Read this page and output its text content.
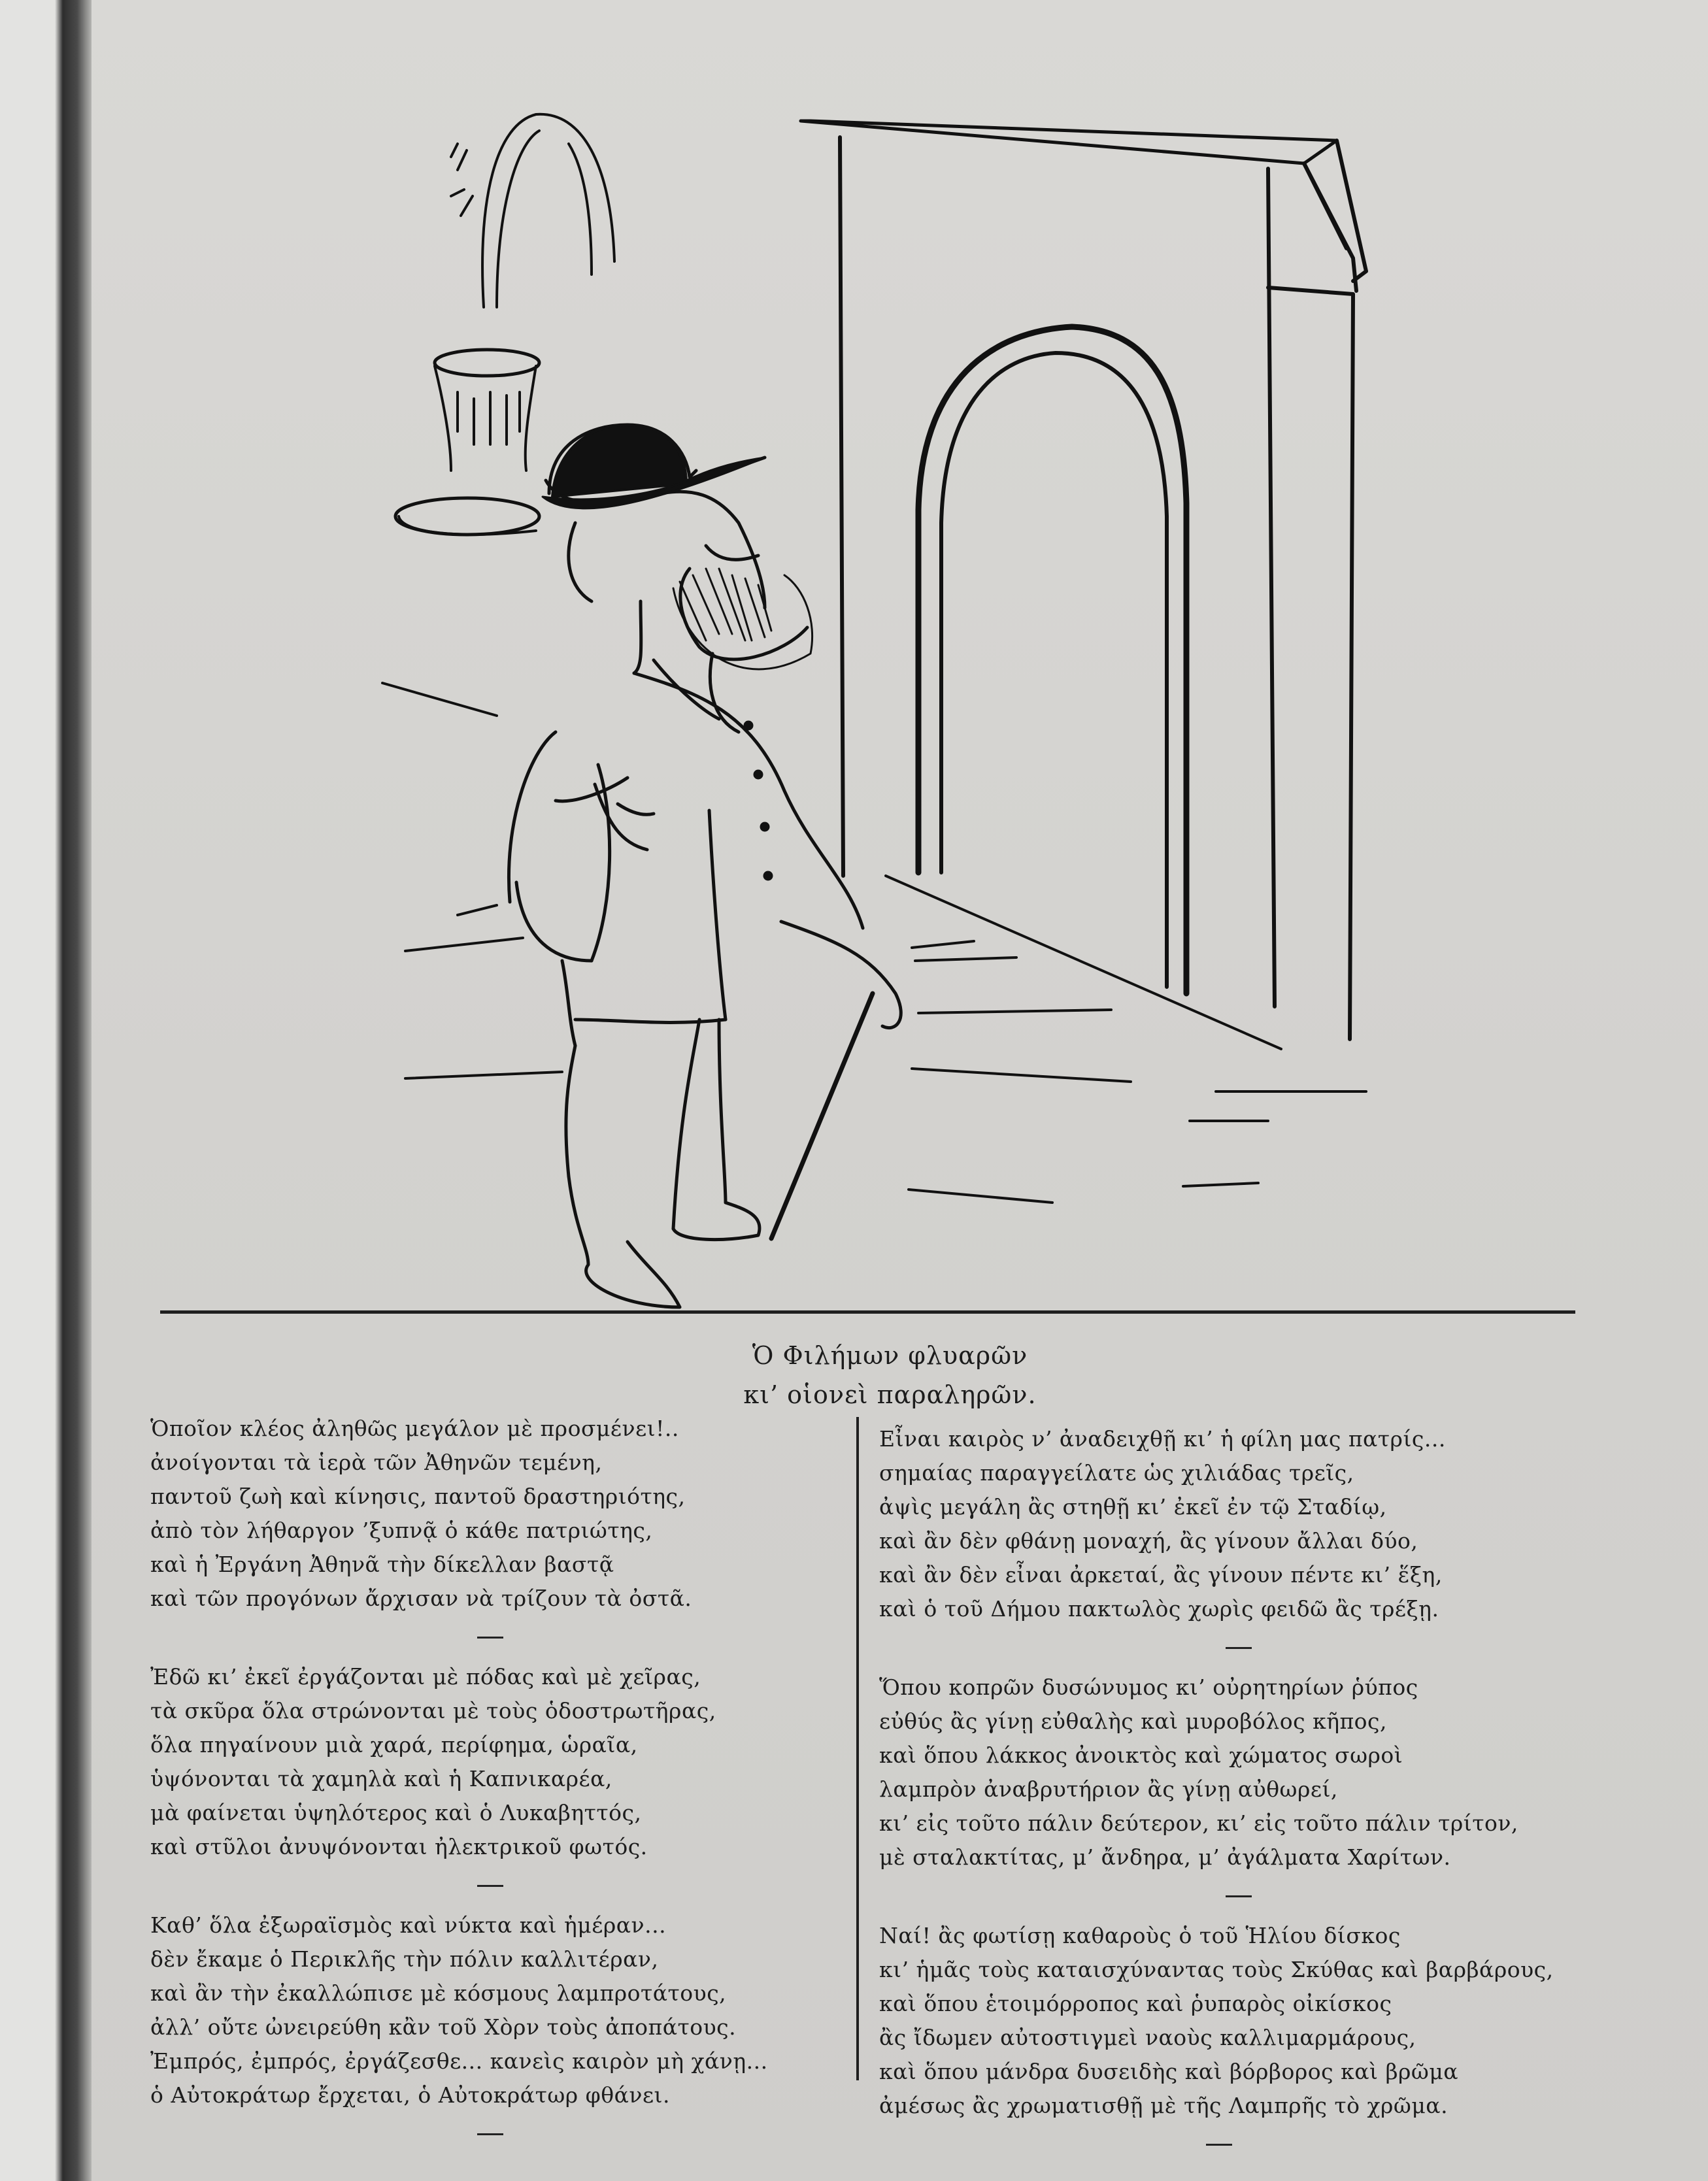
Ὁ Φιλήμων φλυαρῶν
κι’ οἱονεὶ παραληρῶν.
Ὁποῖον κλέος ἀληθῶς μεγάλον μὲ προσμένει!..
ἀνοίγονται τὰ ἱερὰ τῶν Ἀθηνῶν τεμένη,
παντοῦ ζωὴ καὶ κίνησις, παντοῦ δραστηριότης,
ἀπὸ τὸν λήθαργον ’ξυπνᾷ ὁ κάθε πατριώτης,
καὶ ἡ Ἐργάνη Ἀθηνᾶ τὴν δίκελλαν βαστᾷ
καὶ τῶν προγόνων ἄρχισαν νὰ τρίζουν τὰ ὀστᾶ.
Ἐδῶ κι’ ἐκεῖ ἐργάζονται μὲ πόδας καὶ μὲ χεῖρας,
τὰ σκῦρα ὅλα στρώνονται μὲ τοὺς ὁδοστρωτῆρας,
ὅλα πηγαίνουν μιὰ χαρά, περίφημα, ὡραῖα,
ὑψόνονται τὰ χαμηλὰ καὶ ἡ Καπνικαρέα,
μὰ φαίνεται ὑψηλότερος καὶ ὁ Λυκαβηττός,
καὶ στῦλοι ἀνυψόνονται ἠλεκτρικοῦ φωτός.
Καθ’ ὅλα ἐξωραϊσμὸς καὶ νύκτα καὶ ἡμέραν...
δὲν ἔκαμε ὁ Περικλῆς τὴν πόλιν καλλιτέραν,
καὶ ἂν τὴν ἐκαλλώπισε μὲ κόσμους λαμπροτάτους,
ἀλλ’ οὔτε ὠνειρεύθη κἂν τοῦ Χὸρν τοὺς ἀποπάτους.
Ἐμπρός, ἐμπρός, ἐργάζεσθε... κανεὶς καιρὸν μὴ χάνῃ...
ὁ Αὐτοκράτωρ ἔρχεται, ὁ Αὐτοκράτωρ φθάνει.
Εἶναι καιρὸς ν’ ἀναδειχθῇ κι’ ἡ φίλη μας πατρίς...
σημαίας παραγγείλατε ὡς χιλιάδας τρεῖς,
ἀψὶς μεγάλη ἂς στηθῇ κι’ ἐκεῖ ἐν τῷ Σταδίῳ,
καὶ ἂν δὲν φθάνῃ μοναχή, ἂς γίνουν ἄλλαι δύο,
καὶ ἂν δὲν εἶναι ἀρκεταί, ἂς γίνουν πέντε κι’ ἕξη,
καὶ ὁ τοῦ Δήμου πακτωλὸς χωρὶς φειδῶ ἂς τρέξῃ.
Ὅπου κοπρῶν δυσώνυμος κι’ οὐρητηρίων ῥύπος
εὐθύς ἂς γίνῃ εὐθαλὴς καὶ μυροβόλος κῆπος,
καὶ ὅπου λάκκος ἀνοικτὸς καὶ χώματος σωροὶ
λαμπρὸν ἀναβρυτήριον ἂς γίνῃ αὐθωρεί,
κι’ εἰς τοῦτο πάλιν δεύτερον, κι’ εἰς τοῦτο πάλιν τρίτον,
μὲ σταλακτίτας, μ’ ἄνδηρα, μ’ ἀγάλματα Χαρίτων.
Ναί! ἂς φωτίσῃ καθαροὺς ὁ τοῦ Ἡλίου δίσκος
κι’ ἡμᾶς τοὺς καταισχύναντας τοὺς Σκύθας καὶ βαρβάρους,
καὶ ὅπου ἑτοιμόρροπος καὶ ῥυπαρὸς οἰκίσκος
ἂς ἴδωμεν αὐτοστιγμεὶ ναοὺς καλλιμαρμάρους,
καὶ ὅπου μάνδρα δυσειδὴς καὶ βόρβορος καὶ βρῶμα
ἀμέσως ἂς χρωματισθῇ μὲ τῆς Λαμπρῆς τὸ χρῶμα.
